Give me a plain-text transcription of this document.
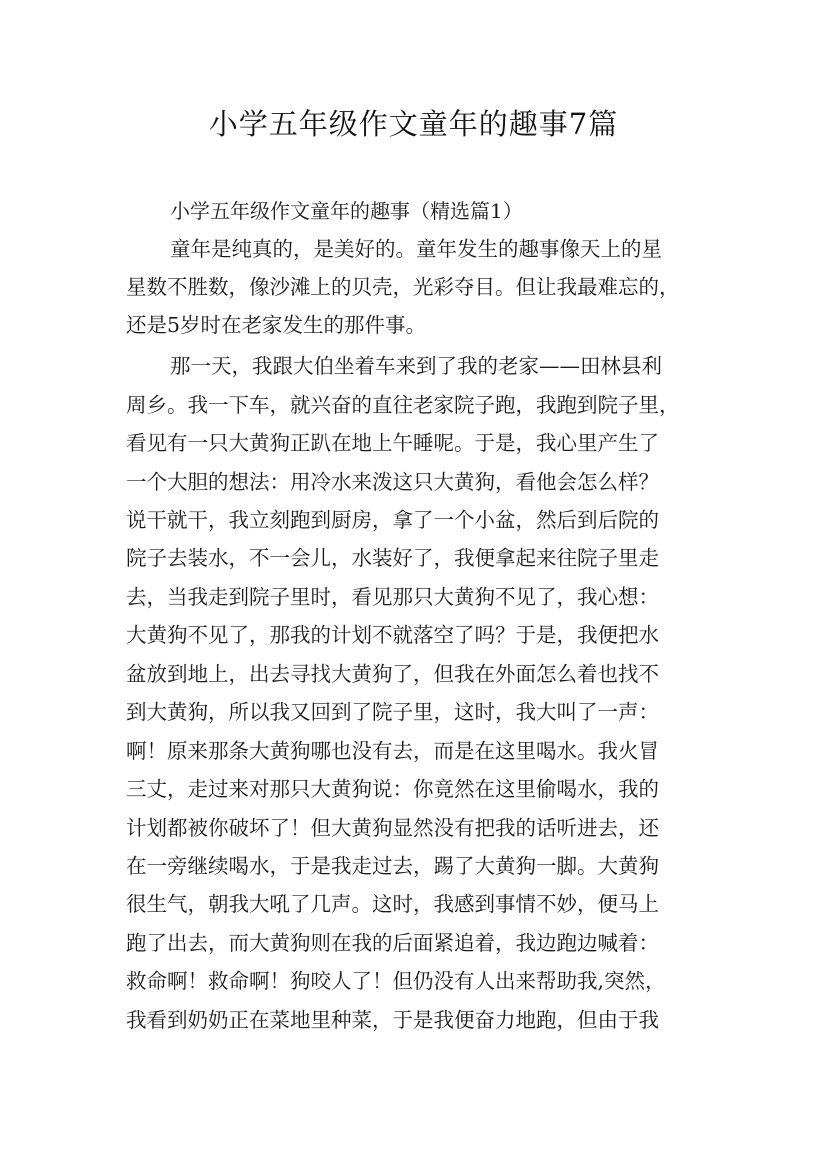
小学五年级作文童年的趣事7篇

小学五年级作文童年的趣事（精选篇1）

童年是纯真的，是美好的。童年发生的趣事像天上的星

星数不胜数，像沙滩上的贝壳，光彩夺目。但让我最难忘的，

还是5岁时在老家发生的那件事。

那一天，我跟大伯坐着车来到了我的老家——田林县利

周乡。我一下车，就兴奋的直往老家院子跑，我跑到院子里，

看见有一只大黄狗正趴在地上午睡呢。于是，我心里产生了

一个大胆的想法：用冷水来泼这只大黄狗，看他会怎么样？

说干就干，我立刻跑到厨房，拿了一个小盆，然后到后院的

院子去装水，不一会儿，水装好了，我便拿起来往院子里走

去，当我走到院子里时，看见那只大黄狗不见了，我心想：

大黄狗不见了，那我的计划不就落空了吗？于是，我便把水

盆放到地上，出去寻找大黄狗了，但我在外面怎么着也找不

到大黄狗，所以我又回到了院子里，这时，我大叫了一声：

啊！原来那条大黄狗哪也没有去，而是在这里喝水。我火冒

三丈，走过来对那只大黄狗说：你竟然在这里偷喝水，我的

计划都被你破坏了！但大黄狗显然没有把我的话听进去，还

在一旁继续喝水，于是我走过去，踢了大黄狗一脚。大黄狗

很生气，朝我大吼了几声。这时，我感到事情不妙，便马上

跑了出去，而大黄狗则在我的后面紧追着，我边跑边喊着：

救命啊！救命啊！狗咬人了！但仍没有人出来帮助我,突然，

我看到奶奶正在菜地里种菜，于是我便奋力地跑，但由于我
